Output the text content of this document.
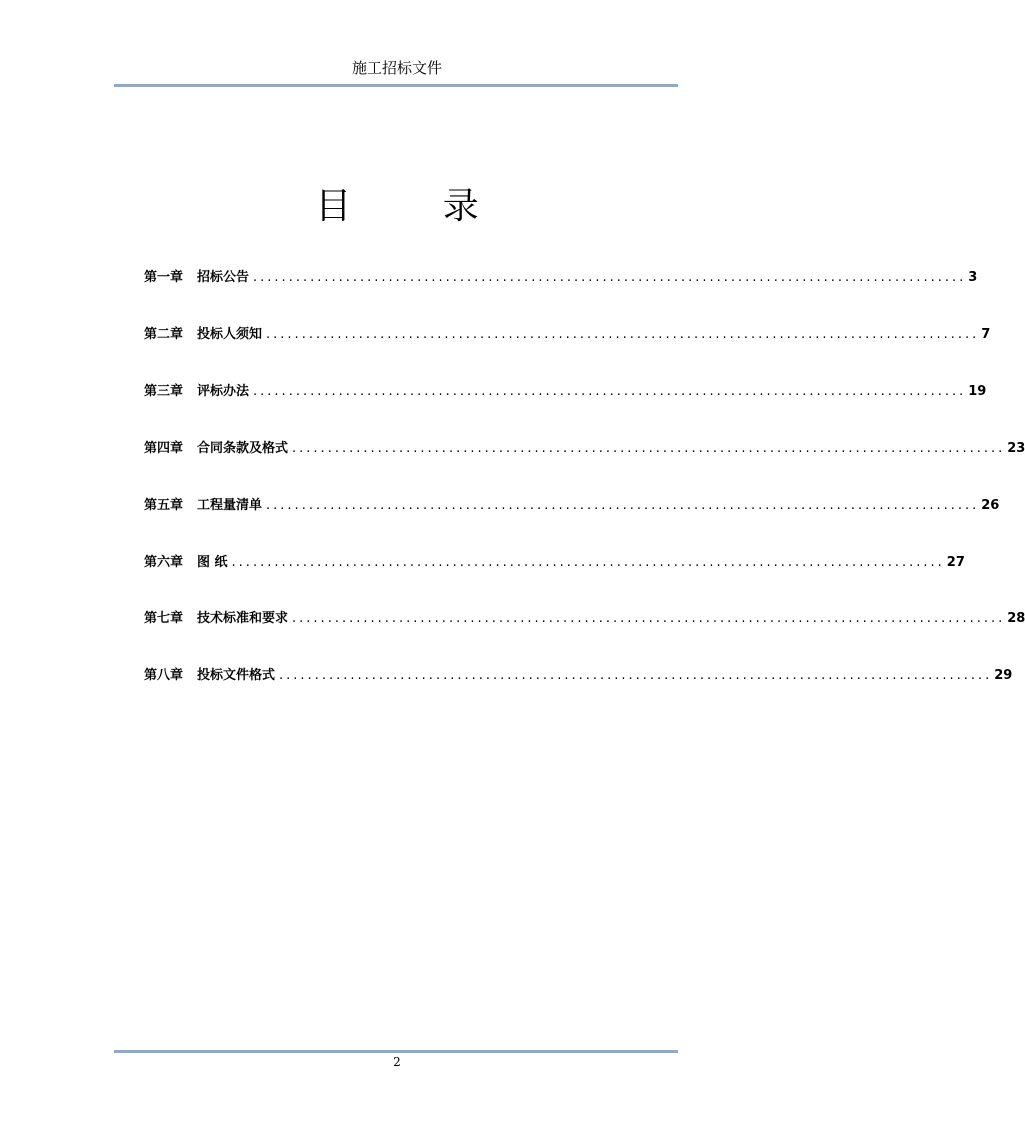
施工招标文件
目 录
第一章 招标公告 .................................................................................................... 3
第二章 投标人须知 .................................................................................................... 7
第三章 评标办法 .................................................................................................... 19
第四章 合同条款及格式 .................................................................................................... 23
第五章 工程量清单 .................................................................................................... 26
第六章 图 纸 .................................................................................................... 27
第七章 技术标准和要求 .................................................................................................... 28
第八章 投标文件格式 .................................................................................................... 29
2
